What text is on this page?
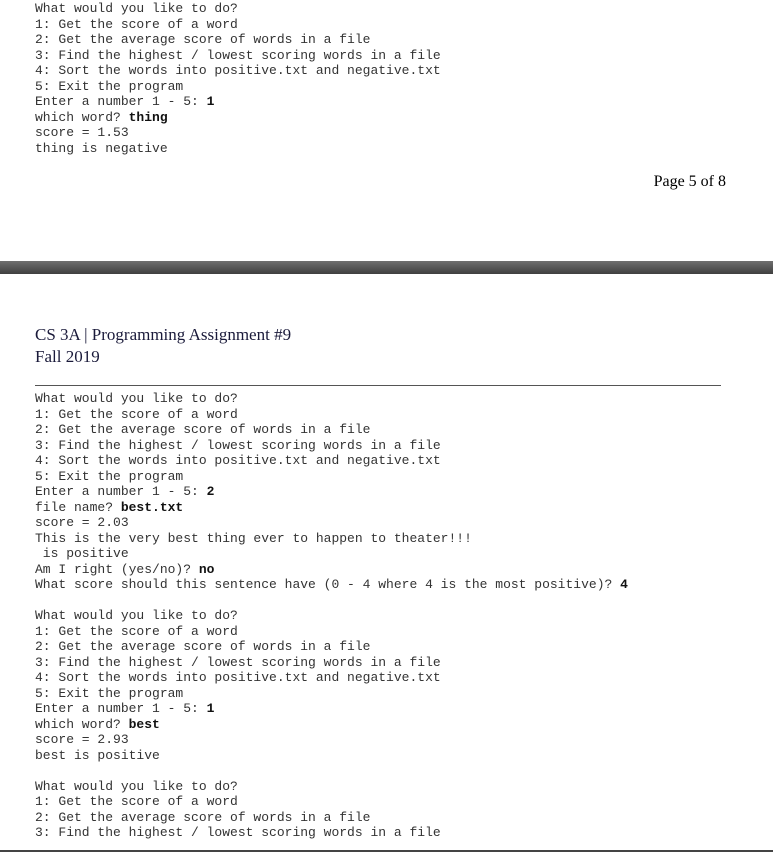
What would you like to do?
1: Get the score of a word
2: Get the average score of words in a file
3: Find the highest / lowest scoring words in a file
4: Sort the words into positive.txt and negative.txt
5: Exit the program
Enter a number 1 - 5: 1
which word? thing
score = 1.53
thing is negative
Page 5 of 8
CS 3A | Programming Assignment #9
Fall 2019
What would you like to do?
1: Get the score of a word
2: Get the average score of words in a file
3: Find the highest / lowest scoring words in a file
4: Sort the words into positive.txt and negative.txt
5: Exit the program
Enter a number 1 - 5: 2
file name? best.txt
score = 2.03
This is the very best thing ever to happen to theater!!!
is positive
Am I right (yes/no)? no
What score should this sentence have (0 - 4 where 4 is the most positive)? 4
What would you like to do?
1: Get the score of a word
2: Get the average score of words in a file
3: Find the highest / lowest scoring words in a file
4: Sort the words into positive.txt and negative.txt
5: Exit the program
Enter a number 1 - 5: 1
which word? best
score = 2.93
best is positive
What would you like to do?
1: Get the score of a word
2: Get the average score of words in a file
3: Find the highest / lowest scoring words in a file
